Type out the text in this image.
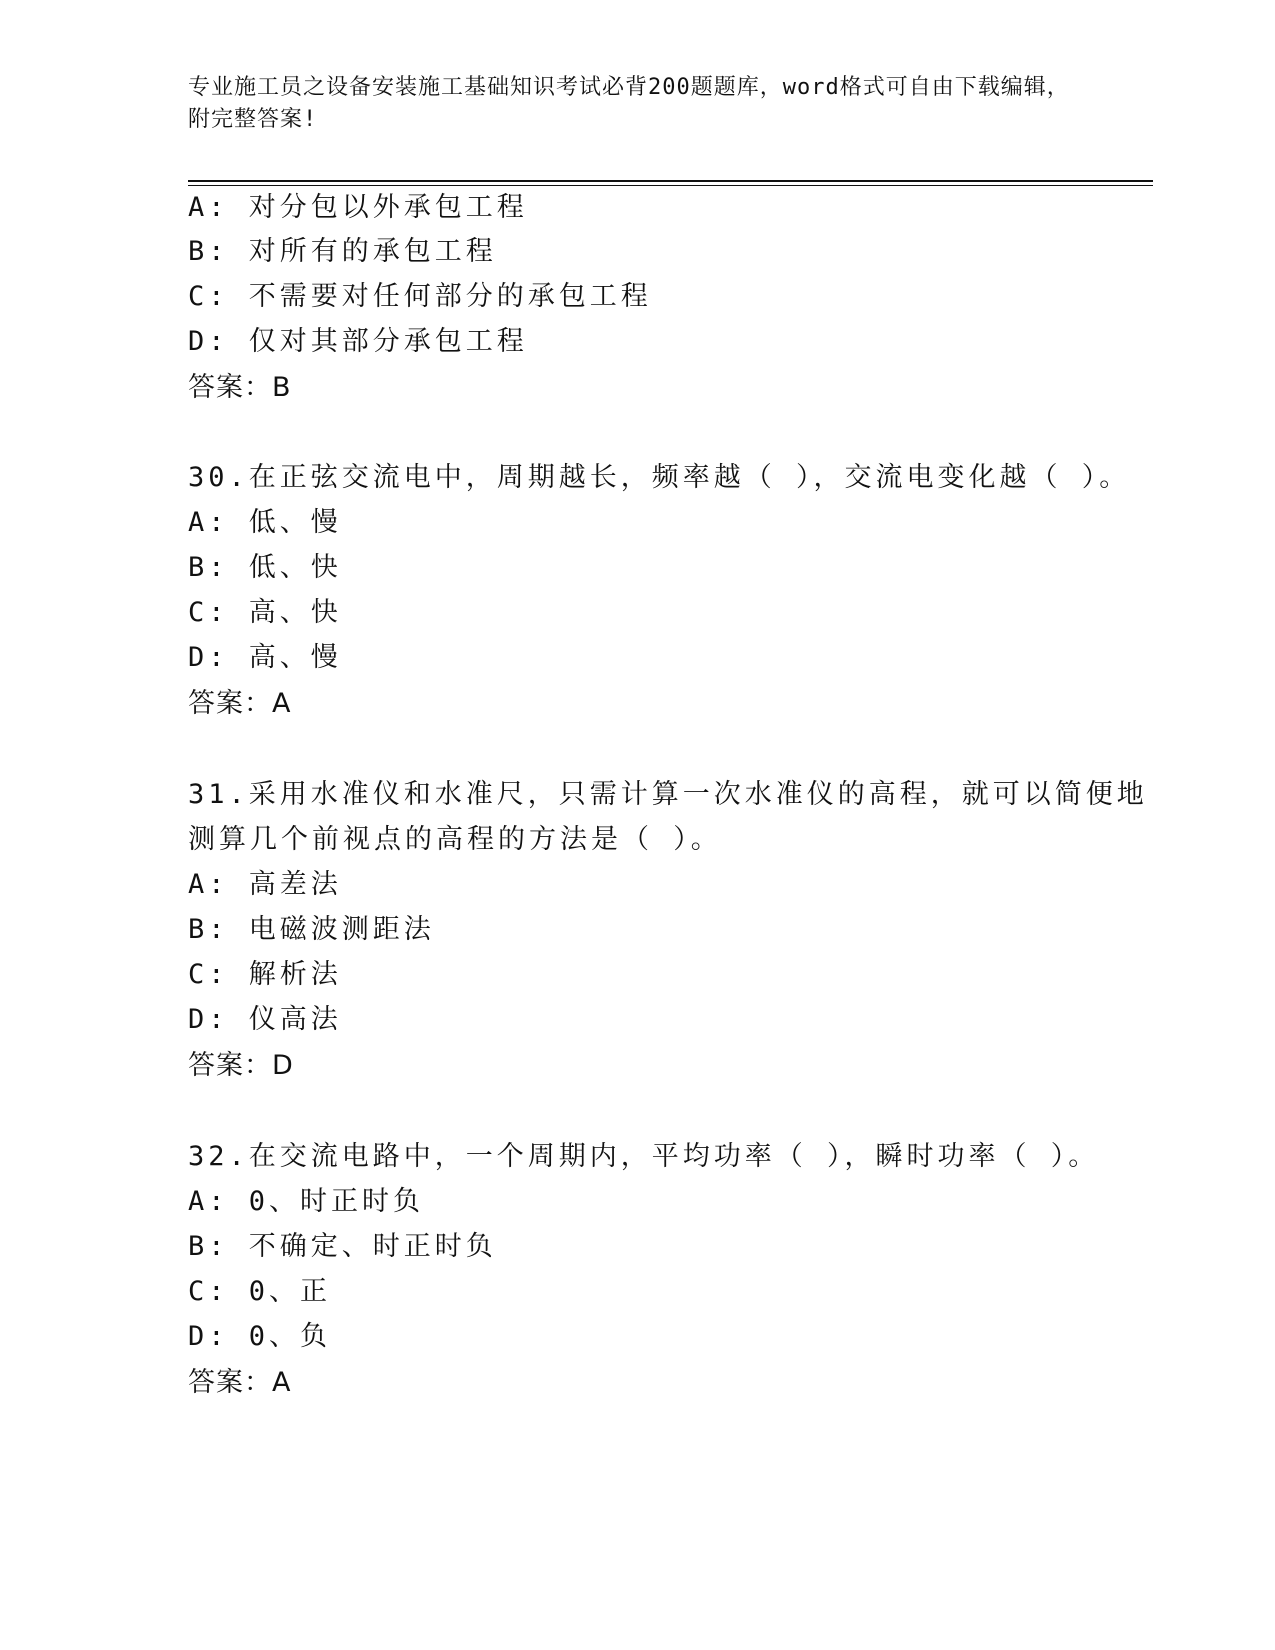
专业施工员之设备安装施工基础知识考试必背200题题库，word格式可自由下载编辑，附完整答案!
A: 对分包以外承包工程
B: 对所有的承包工程
C: 不需要对任何部分的承包工程
D: 仅对其部分承包工程
答案：B
30.在正弦交流电中，周期越长，频率越（ ），交流电变化越（ ）。
A: 低、慢
B: 低、快
C: 高、快
D: 高、慢
答案：A
31.采用水准仪和水准尺，只需计算一次水准仪的高程，就可以简便地
测算几个前视点的高程的方法是（ ）。
A: 高差法
B: 电磁波测距法
C: 解析法
D: 仪高法
答案：D
32.在交流电路中，一个周期内，平均功率（ ），瞬时功率（ ）。
A: 0、时正时负
B: 不确定、时正时负
C: 0、正
D: 0、负
答案：A
